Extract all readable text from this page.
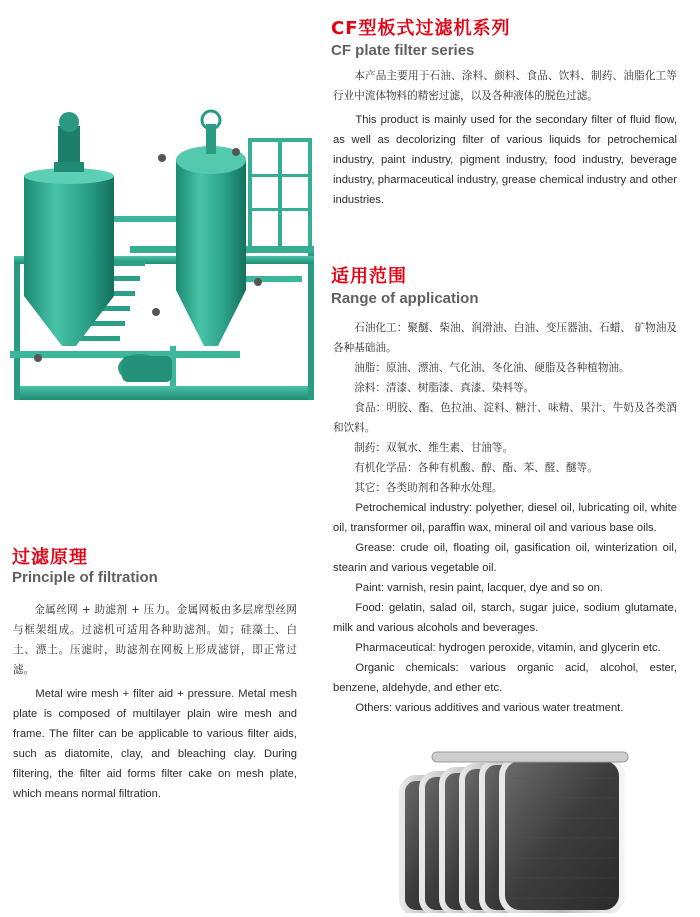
CF型板式过滤机系列
CF plate filter series

本产品主要用于石油、涂料、颜料、食品、饮料、制药、油脂化工等行业中流体物料的精密过滤，以及各种液体的脱色过滤。

This product is mainly used for the secondary filter of fluid flow, as well as decolorizing filter of various liquids for petrochemical industry, paint industry, pigment industry, food industry, beverage industry, pharmaceutical industry, grease chemical industry and other industries.

适用范围
Range of application

石油化工：聚醚、柴油、润滑油、白油、变压器油、石蜡、 矿物油及各种基础油。

油脂：原油、漂油、气化油、冬化油、硬脂及各种植物油。

涂料：清漆、树脂漆、真漆、染料等。

食品：明胶、酯、色拉油、淀料、糖汁、味精、果汁、牛奶及各类酒和饮料。

制药：双氧水、维生素、甘油等。

有机化学品：各种有机酸、醇、酯、苯、醛、醚等。

其它：各类助剂和各种水处理。

Petrochemical industry: polyether, diesel oil, lubricating oil, white oil, transformer oil, paraffin wax, mineral oil and various base oils.

Grease: crude oil, floating oil, gasification oil, winterization oil, stearin and various vegetable oil.

Paint: varnish, resin paint, lacquer, dye and so on.

Food: gelatin, salad oil, starch, sugar juice, sodium glutamate, milk and various alcohols and beverages.

Pharmaceutical: hydrogen peroxide, vitamin, and glycerin etc.

Organic chemicals: various organic acid, alcohol, ester, benzene, aldehyde, and ether etc.

Others: various additives and various water treatment.

过滤原理
Principle of filtration

金属丝网 + 助滤剂 + 压力。金属网板由多层席型丝网与框架组成。过滤机可适用各种助滤剂。如；硅藻土、白土、漂土。压滤时，助滤剂在网板上形成滤饼，即正常过滤。

Metal wire mesh + filter aid + pressure. Metal mesh plate is composed of multilayer plain wire mesh and frame. The filter can be applicable to various filter aids, such as diatomite, clay, and bleaching clay. During filtering, the filter aid forms filter cake on mesh plate, which means normal filtration.
